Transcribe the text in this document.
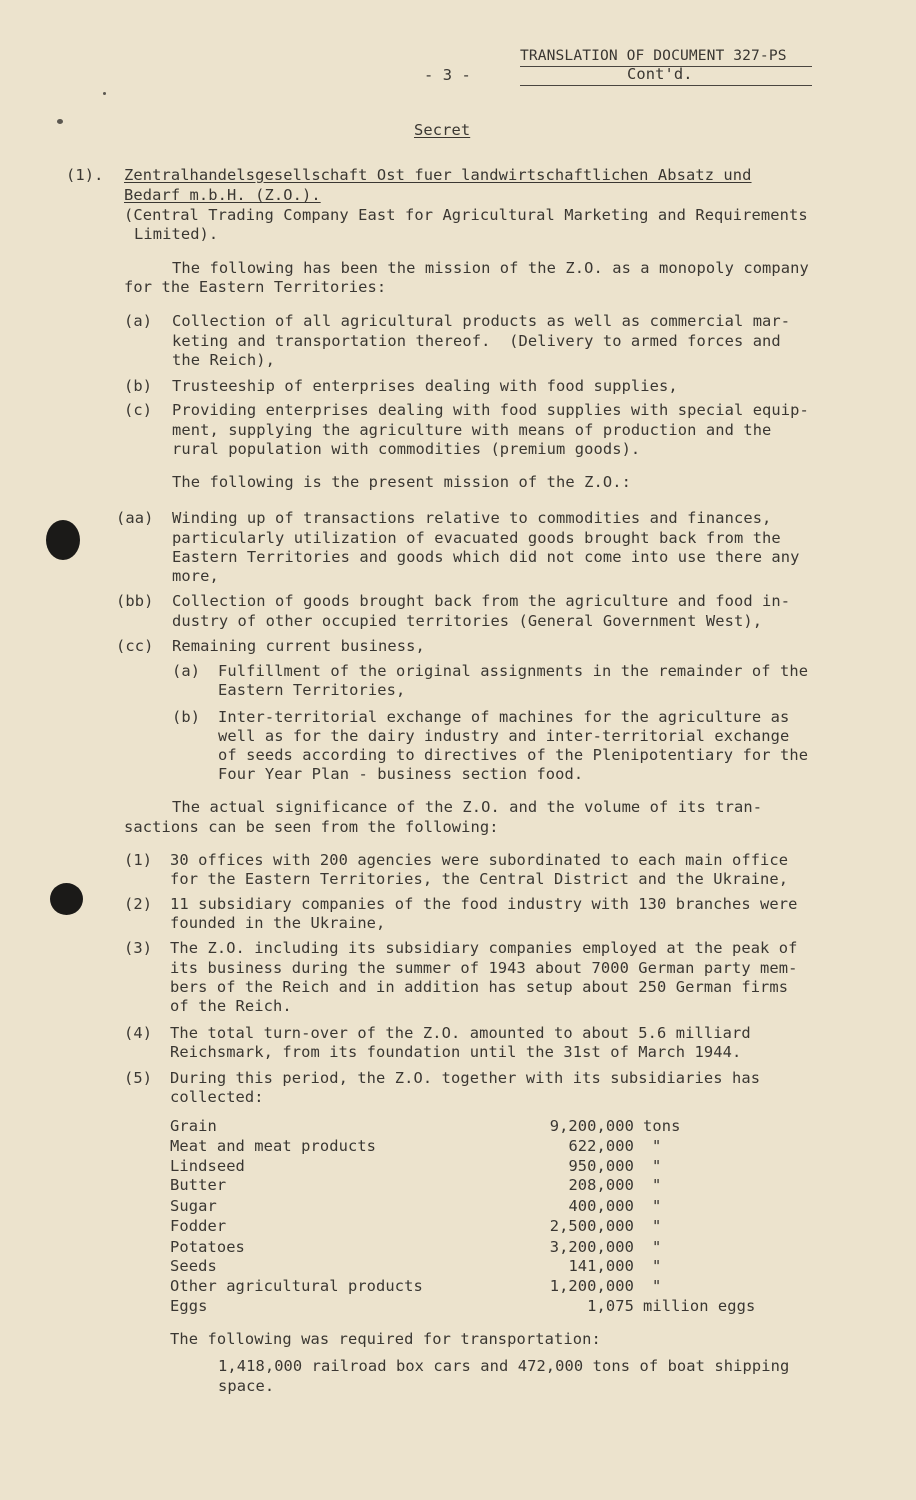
- 3 -
TRANSLATION OF DOCUMENT 327-PS
Cont'd.
Secret
(1). Zentralhandelsgesellschaft Ost fuer landwirtschaftlichen Absatz und
Bedarf m.b.H. (Z.O.).
(Central Trading Company East for Agricultural Marketing and Requirements
Limited).
The following has been the mission of the Z.O. as a monopoly company
for the Eastern Territories:
(a) Collection of all agricultural products as well as commercial mar-
keting and transportation thereof.  (Delivery to armed forces and
the Reich),
(b) Trusteeship of enterprises dealing with food supplies,
(c) Providing enterprises dealing with food supplies with special equip-
ment, supplying the agriculture with means of production and the
rural population with commodities (premium goods).
The following is the present mission of the Z.O.:
(aa) Winding up of transactions relative to commodities and finances,
particularly utilization of evacuated goods brought back from the
Eastern Territories and goods which did not come into use there any
more,
(bb) Collection of goods brought back from the agriculture and food in-
dustry of other occupied territories (General Government West),
(cc) Remaining current business,
(a) Fulfillment of the original assignments in the remainder of the
Eastern Territories,
(b) Inter-territorial exchange of machines for the agriculture as
well as for the dairy industry and inter-territorial exchange
of seeds according to directives of the Plenipotentiary for the
Four Year Plan - business section food.
The actual significance of the Z.O. and the volume of its tran-
sactions can be seen from the following:
(1) 30 offices with 200 agencies were subordinated to each main office
for the Eastern Territories, the Central District and the Ukraine,
(2) 11 subsidiary companies of the food industry with 130 branches were
founded in the Ukraine,
(3) The Z.O. including its subsidiary companies employed at the peak of
its business during the summer of 1943 about 7000 German party mem-
bers of the Reich and in addition has setup about 250 German firms
of the Reich.
(4) The total turn-over of the Z.O. amounted to about 5.6 milliard
Reichsmark, from its foundation until the 31st of March 1944.
(5) During this period, the Z.O. together with its subsidiaries has
collected:
Grain	9,200,000 tons
Meat and meat products	622,000 "
Lindseed	950,000 "
Butter	208,000 "
Sugar	400,000 "
Fodder	2,500,000 "
Potatoes	3,200,000 "
Seeds	141,000 "
Other agricultural products	1,200,000 "
Eggs	1,075 million eggs
The following was required for transportation:
1,418,000 railroad box cars and 472,000 tons of boat shipping
space.
